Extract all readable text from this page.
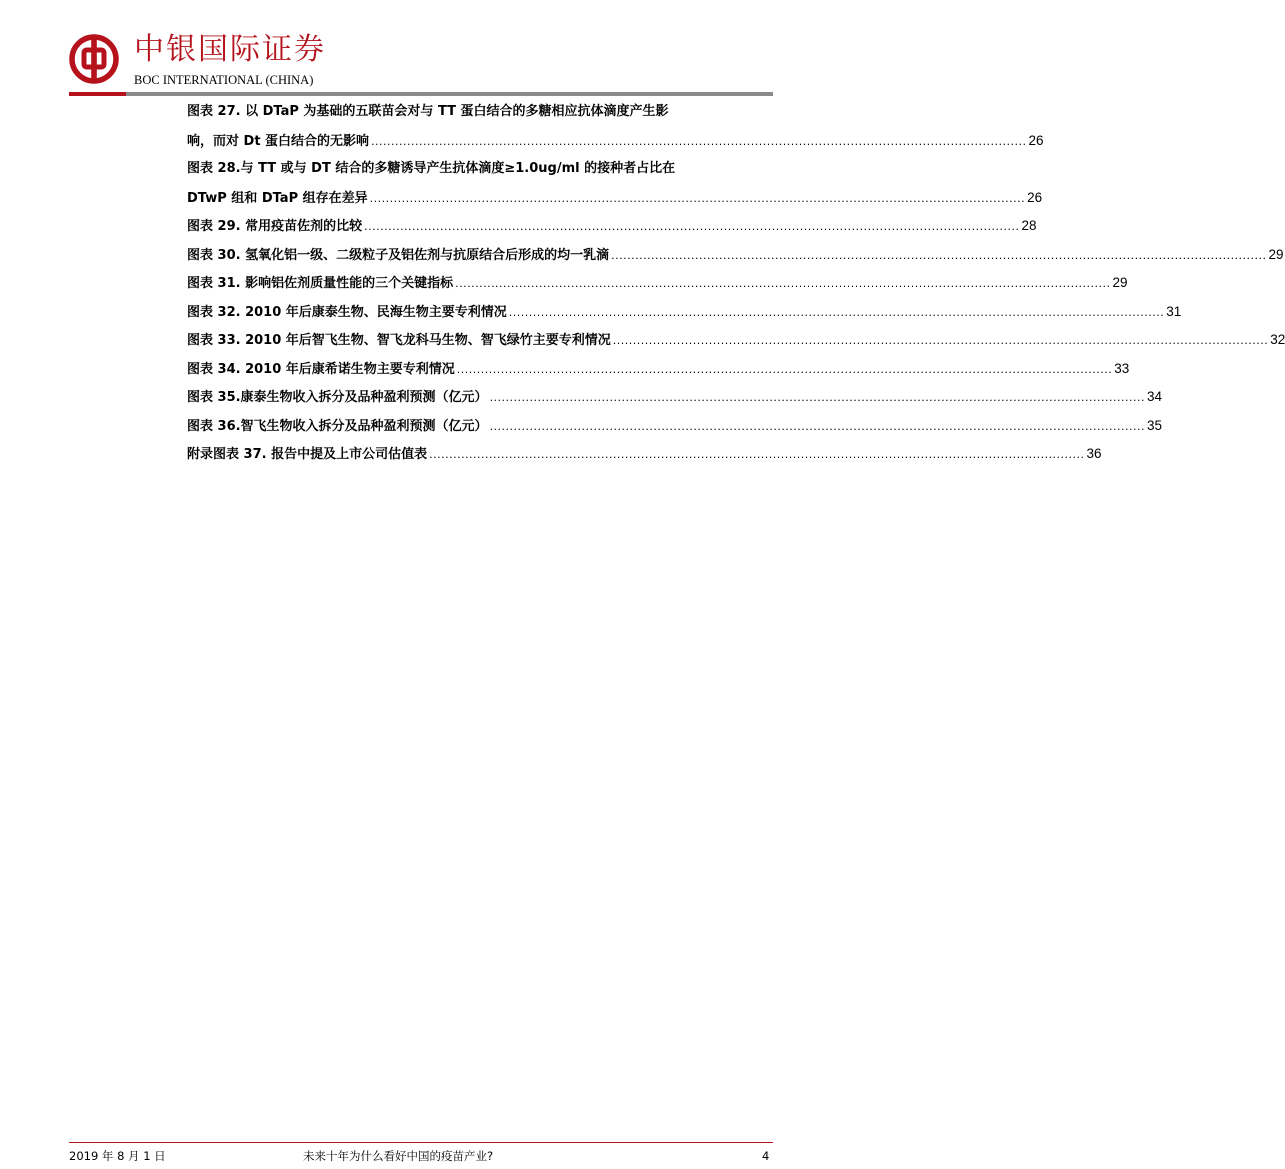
中银国际证券
BOC INTERNATIONAL (CHINA)
图表 27. 以 DTaP 为基础的五联苗会对与 TT 蛋白结合的多糖相应抗体滴度产生影
响，而对 Dt 蛋白结合的无影响 .................................................................................................................................................................... 26
图表 28.与 TT 或与 DT 结合的多糖诱导产生抗体滴度≥1.0ug/ml 的接种者占比在
DTwP 组和 DTaP 组存在差异 .................................................................................................................................................................... 26
图表 29. 常用疫苗佐剂的比较 .................................................................................................................................................................... 28
图表 30. 氢氧化铝一级、二级粒子及铝佐剂与抗原结合后形成的均一乳滴 .................................................................................................................................................................... 29
图表 31. 影响铝佐剂质量性能的三个关键指标 .................................................................................................................................................................... 29
图表 32. 2010 年后康泰生物、民海生物主要专利情况 .................................................................................................................................................................... 31
图表 33. 2010 年后智飞生物、智飞龙科马生物、智飞绿竹主要专利情况 .................................................................................................................................................................... 32
图表 34. 2010 年后康希诺生物主要专利情况 .................................................................................................................................................................... 33
图表 35.康泰生物收入拆分及品种盈利预测（亿元） .................................................................................................................................................................... 34
图表 36.智飞生物收入拆分及品种盈利预测（亿元） .................................................................................................................................................................... 35
附录图表 37. 报告中提及上市公司估值表 .................................................................................................................................................................... 36
2019 年 8 月 1 日	未来十年为什么看好中国的疫苗产业?	4
